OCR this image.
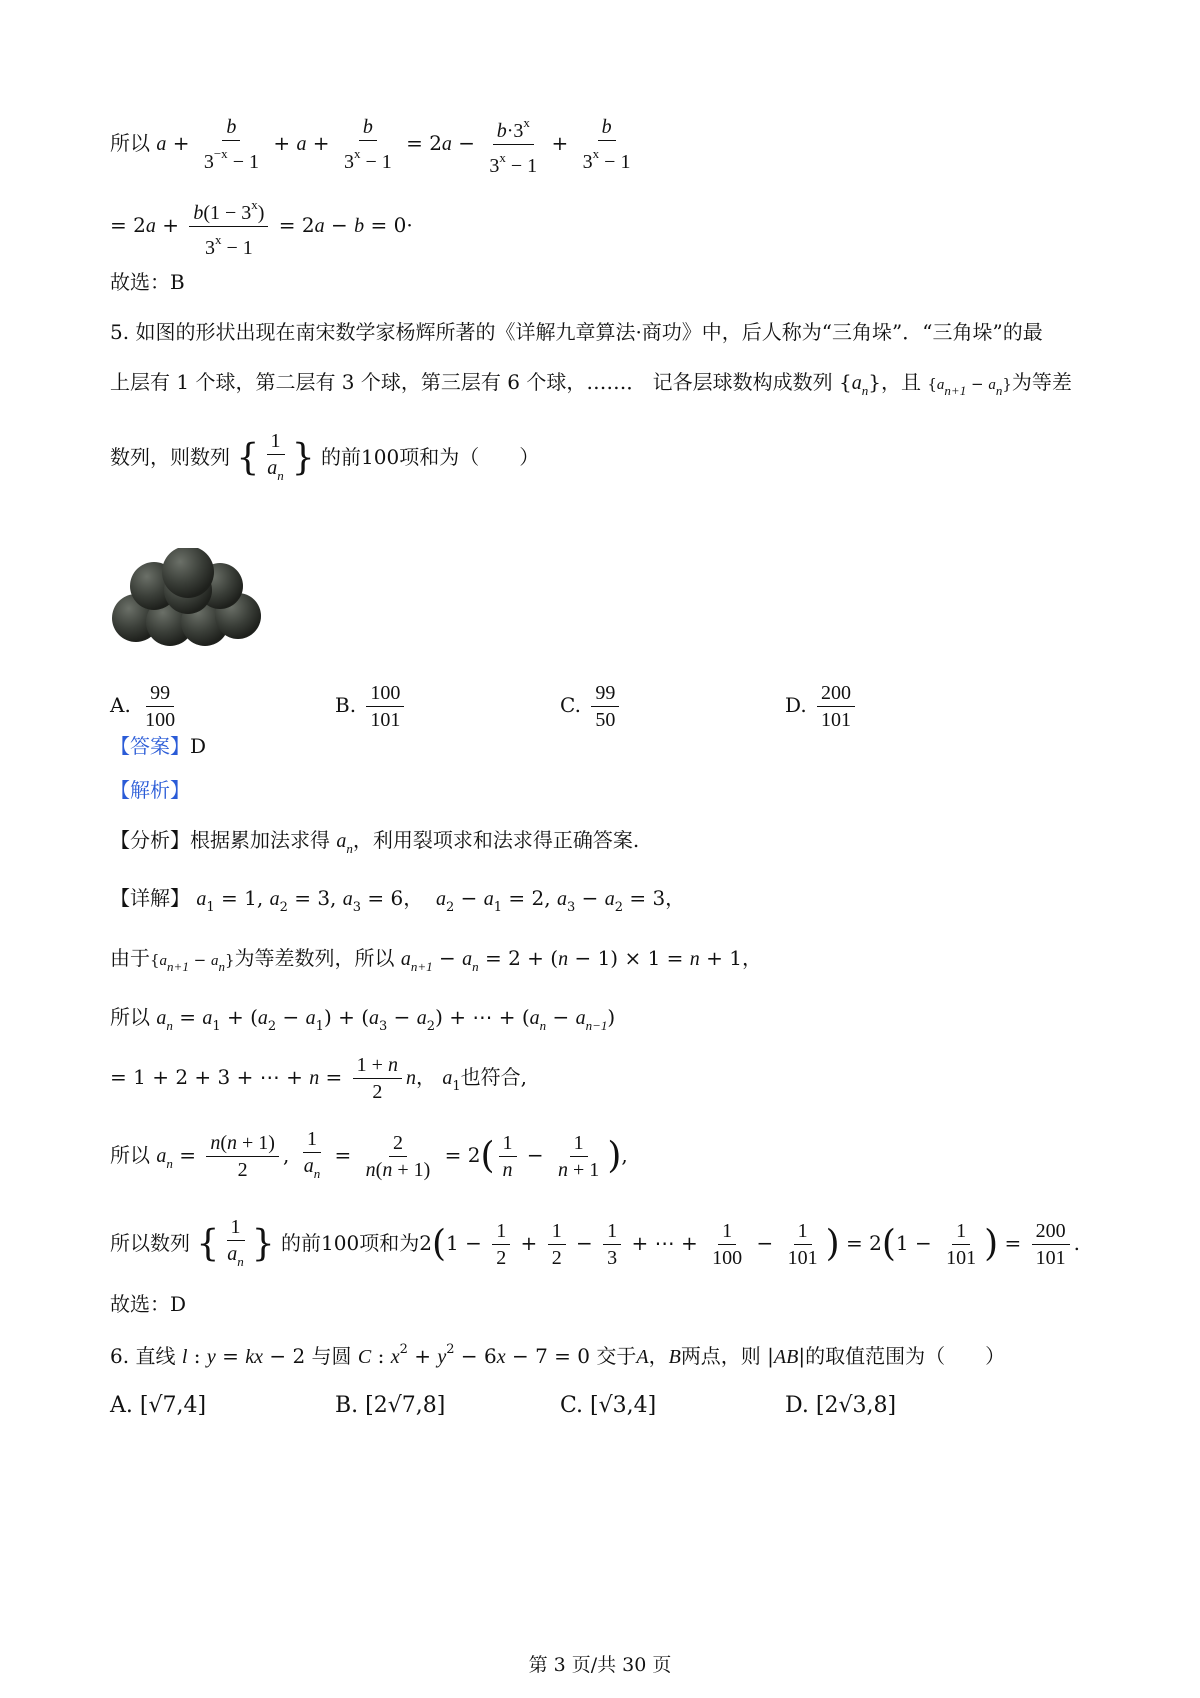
所以 $a + \frac{b}{3^{-x} - 1} + a + \frac{b}{3^x - 1} = 2a - \frac{b\cdot 3^x}{3^x - 1} + \frac{b}{3^x - 1}$
= $2a + \frac{b(1 - 3^x)}{3^x - 1} = 2a - b = 0\cdot$
故选：B
5. 如图的形状出现在南宋数学家杨辉所著的《详解九章算法·商功》中，后人称为“三角垛”．“三角垛”的最
上层有 1 个球，第二层有 3 个球，第三层有 6 个球，……． 记各层球数构成数列 $\{a_n\}$，且 {an+1 − an}为等差
数列，则数列 { $\frac{1}{a_n}$ } 的前100项和为（　　）
A. $\frac{99}{100}$	B. $\frac{100}{101}$	C. $\frac{99}{50}$	D. $\frac{200}{101}$
【答案】D
【解析】
【分析】根据累加法求得 $a_n$，利用裂项求和法求得正确答案.
【详解】 $a_1 = 1$, $a_2 = 3$, $a_3 = 6$，  $a_2 - a_1 = 2$, $a_3 - a_2 = 3$，
由于{an+1 − an}为等差数列，所以 $a_{n+1} - a_n = 2 + (n - 1) \times 1 = n + 1$，
所以 $a_n = a_1 + (a_2 - a_1) + (a_3 - a_2)$ + ⋯ + $(a_n - a_{n-1})$
= 1 + 2 + 3 + ⋯ + $n = \frac{1 + n}{2}$ n， $a_1$也符合,
所以 $a_n = \frac{n(n + 1)}{2}$ , $\frac{1}{a_n} = \frac{2}{n(n + 1)} = 2( \frac{1}{n} - \frac{1}{n + 1}$ ),
所以数列 { $\frac{1}{a_n}$ } 的前100项和为$2(1 - \frac{1}{2} + \frac{1}{2} - \frac{1}{3}$ + ⋯ + $\frac{1}{100} - \frac{1}{101}$ ) = $2(1 - \frac{1}{101}$ ) = $\frac{200}{101}$ .
故选：D
6. 直线 l : y = kx − 2 与圆 C : $x^2 + y^2 - 6x - 7 = 0$ 交于A，B两点，则 |AB|的取值范围为（　　）
A. [√7,4]	B. [2√7,8]	C. [√3,4]	D. [2√3,8]
第 3 页/共 30 页
